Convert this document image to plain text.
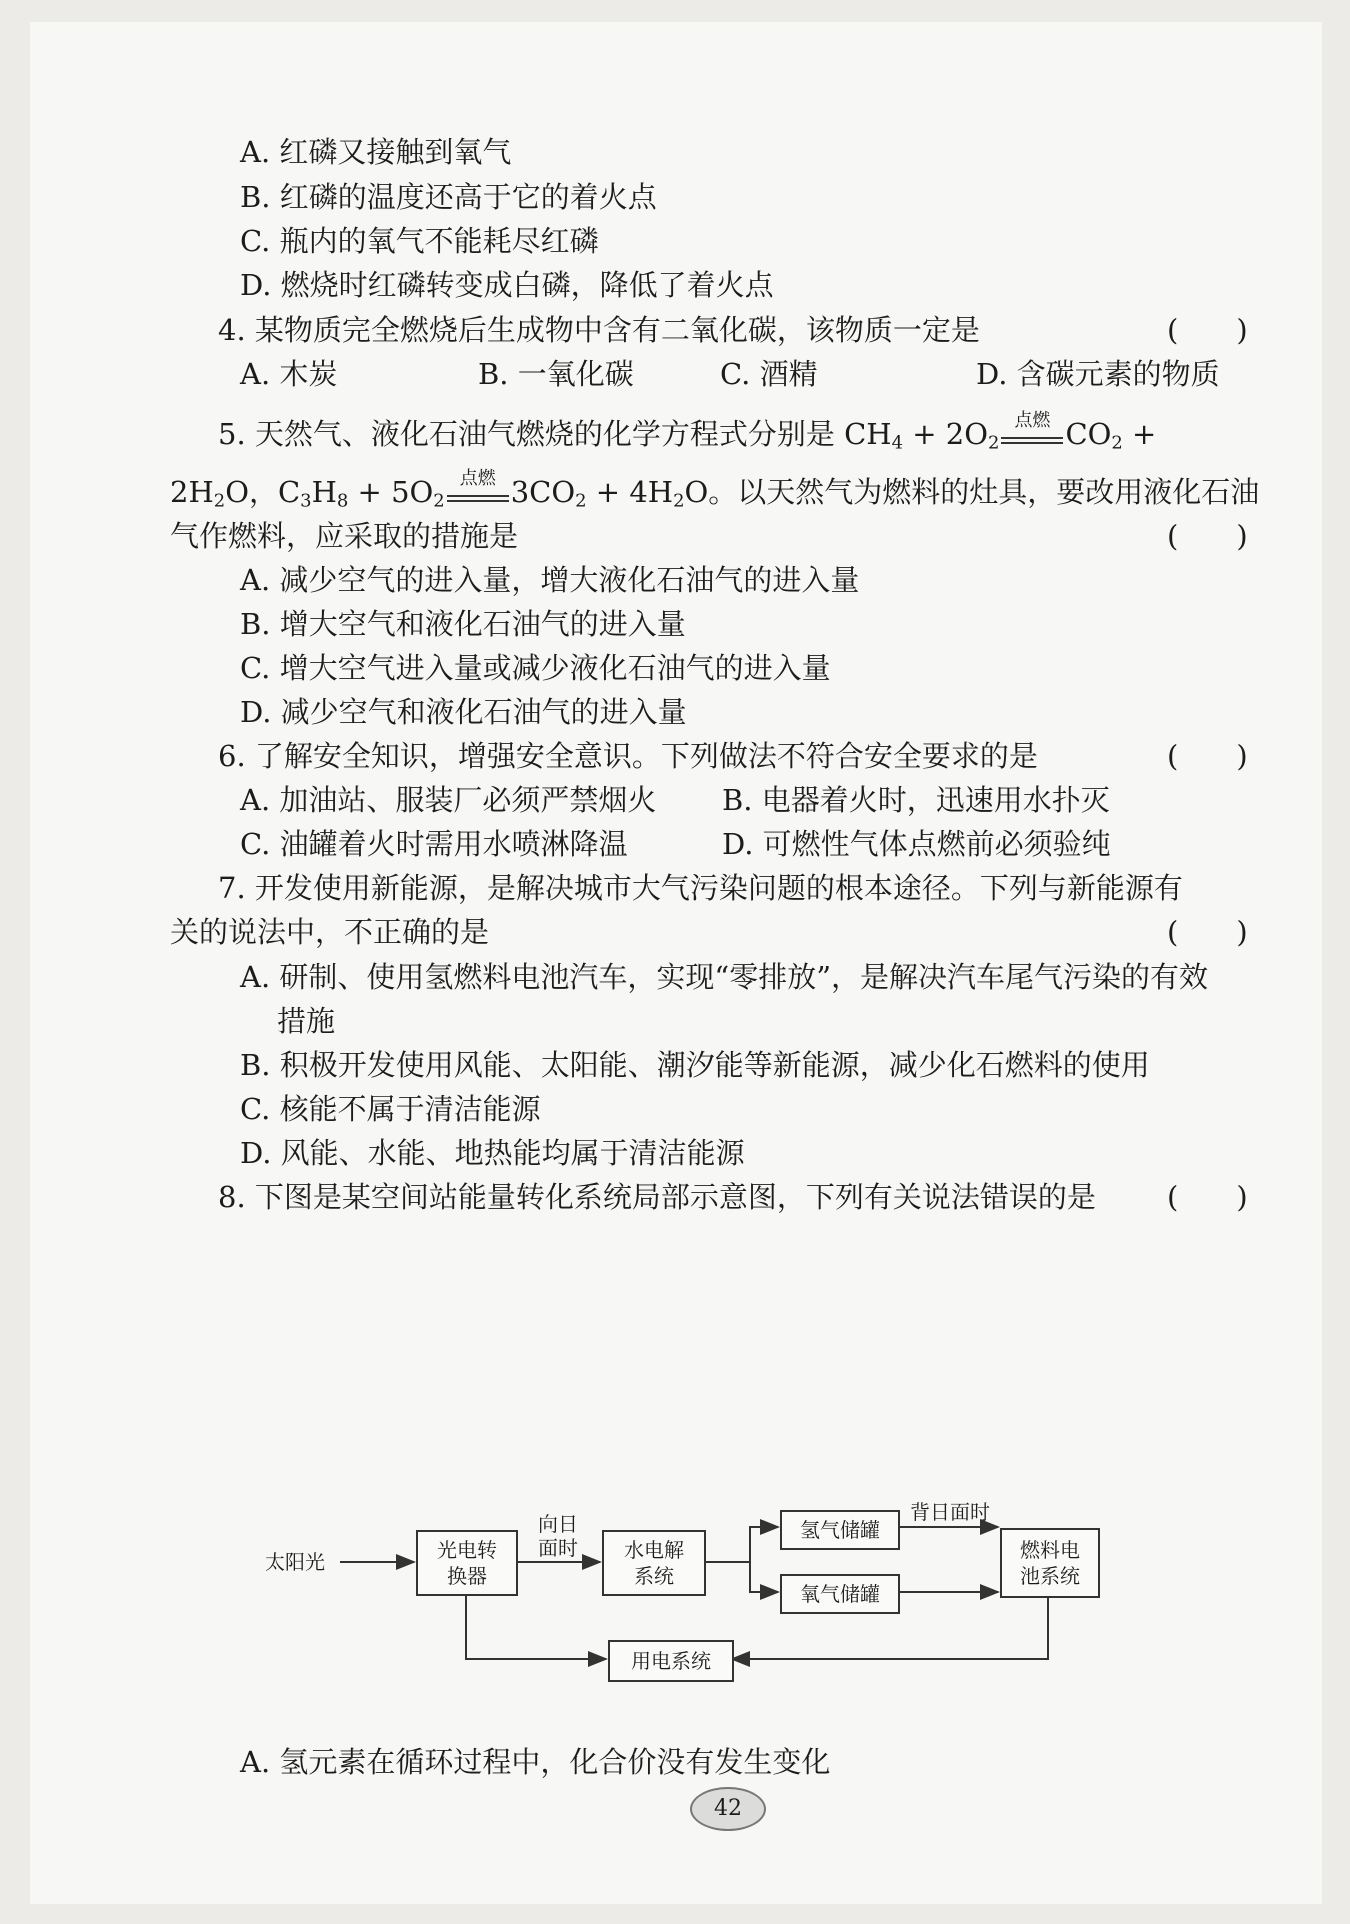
A. 红磷又接触到氧气
B. 红磷的温度还高于它的着火点
C. 瓶内的氧气不能耗尽红磷
D. 燃烧时红磷转变成白磷，降低了着火点
4. 某物质完全燃烧后生成物中含有二氧化碳，该物质一定是	(　　)
A. 木炭	B. 一氧化碳	C. 酒精	D. 含碳元素的物质
5. 天然气、液化石油气燃烧的化学方程式分别是 $CH_4 + 2O_2$
点燃 $CO_2$ +
$2H_2O$，$C_3H_8 + 5O_2$
点燃 $3CO_2 + 4H_2O$。以天然气为燃料的灶具，要改用液化石油
气作燃料，应采取的措施是	(　　)
A. 减少空气的进入量，增大液化石油气的进入量
B. 增大空气和液化石油气的进入量
C. 增大空气进入量或减少液化石油气的进入量
D. 减少空气和液化石油气的进入量
6. 了解安全知识，增强安全意识。下列做法不符合安全要求的是	(　　)
A. 加油站、服装厂必须严禁烟火 B. 电器着火时，迅速用水扑灭
C. 油罐着火时需用水喷淋降温	D. 可燃性气体点燃前必须验纯
7. 开发使用新能源，是解决城市大气污染问题的根本途径。下列与新能源有
关的说法中，不正确的是	(　　)
A. 研制、使用氢燃料电池汽车，实现“零排放”，是解决汽车尾气污染的有效
措施
B. 积极开发使用风能、太阳能、潮汐能等新能源，减少化石燃料的使用
C. 核能不属于清洁能源
D. 风能、水能、地热能均属于清洁能源
8. 下图是某空间站能量转化系统局部示意图，下列有关说法错误的是 (　　)
太阳光	光电转
换器
向日
面时	水电解
系统
氢气储罐
氧气储罐
背日面时
燃料电
池系统
用电系统
A. 氢元素在循环过程中，化合价没有发生变化
42
